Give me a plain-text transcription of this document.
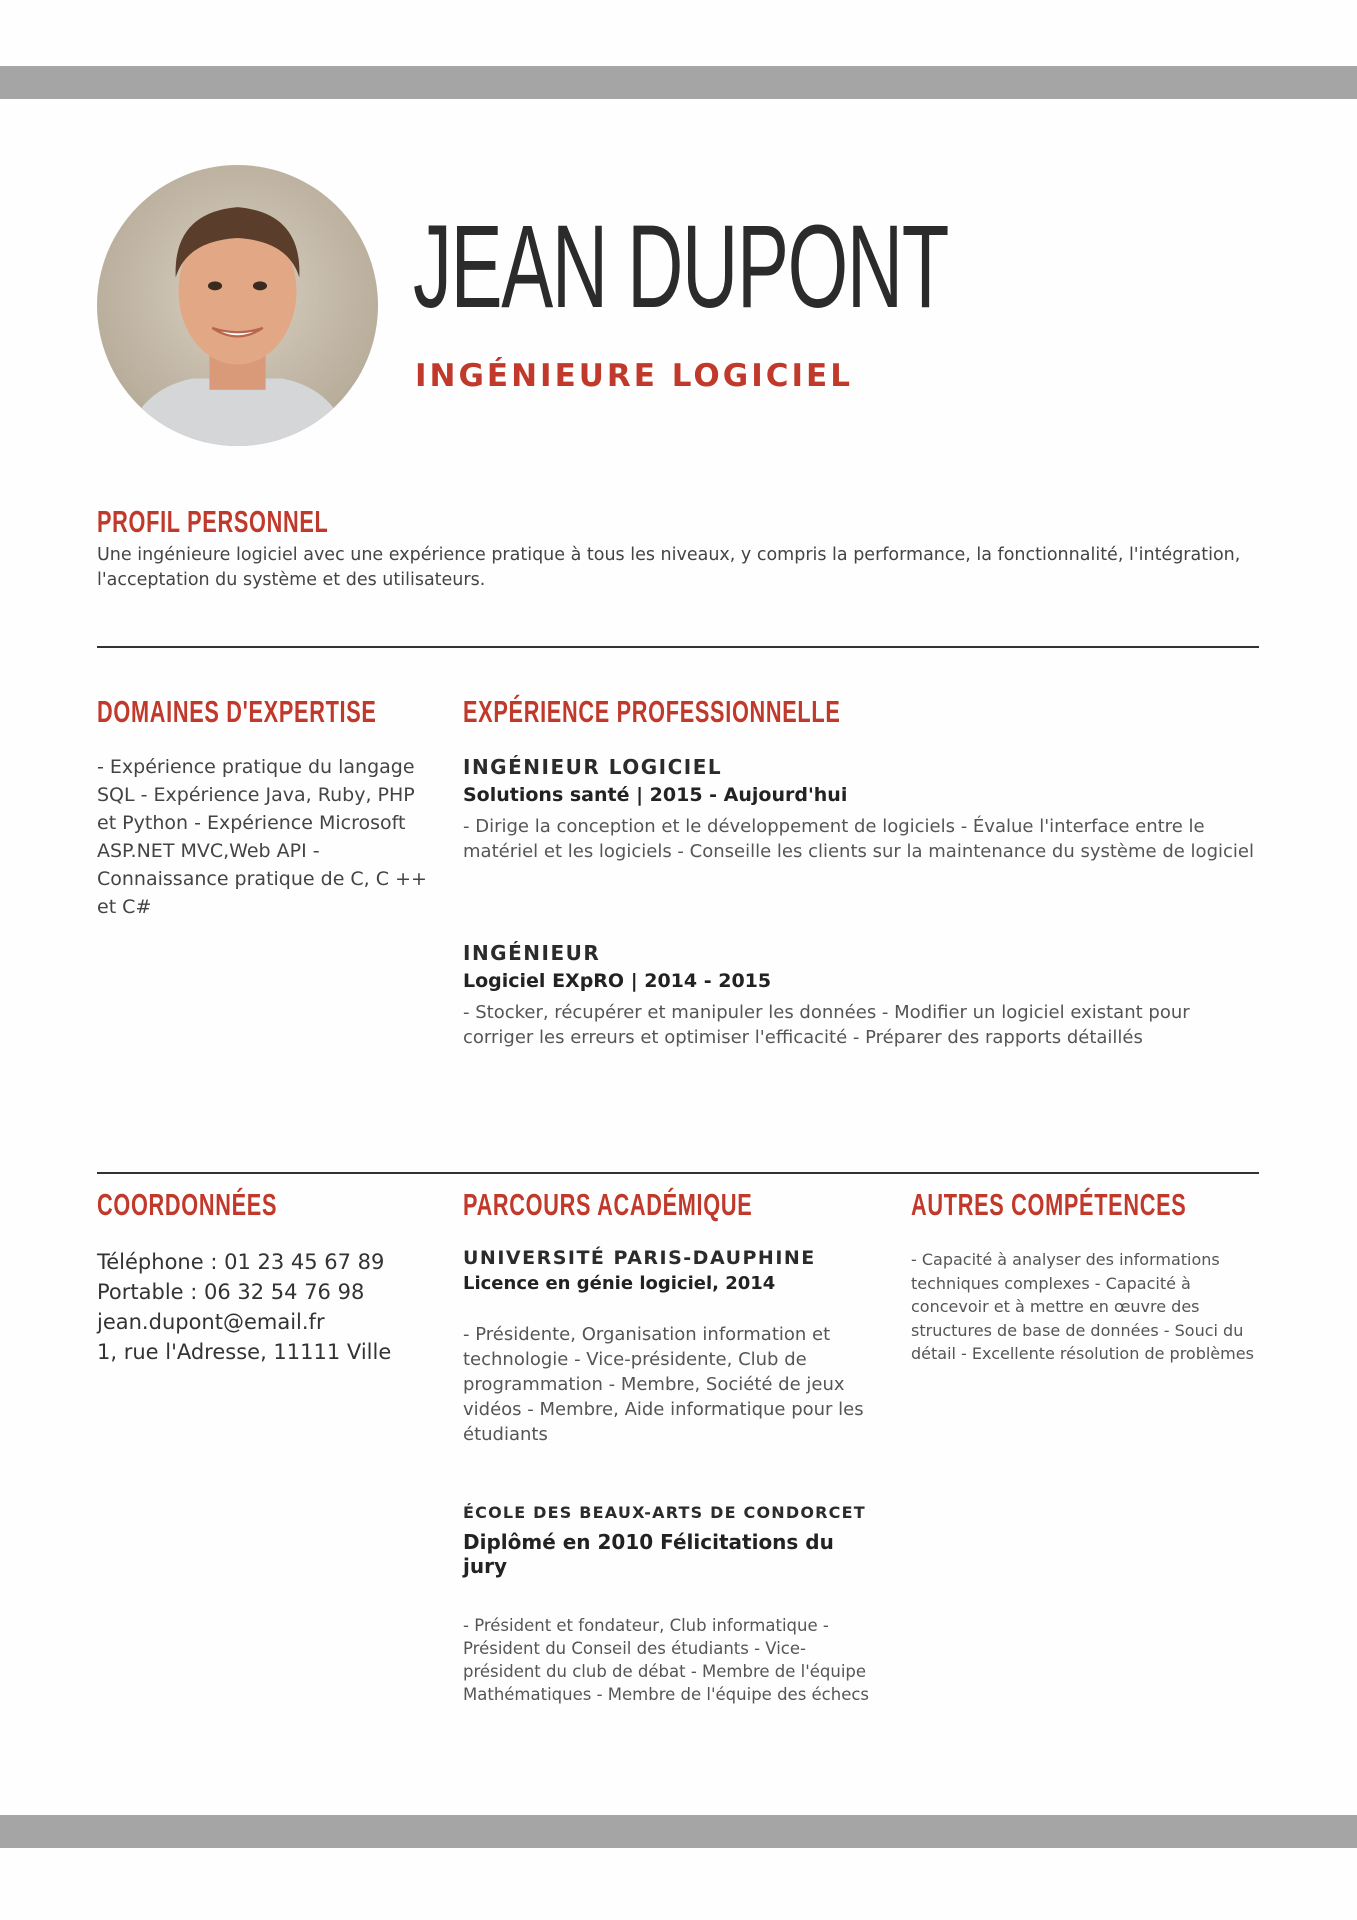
JEAN DUPONT
INGÉNIEURE LOGICIEL
PROFIL PERSONNEL

Une ingénieure logiciel avec une expérience pratique à tous les niveaux, y compris la performance, la fonctionnalité, l'intégration, l'acceptation du système et des utilisateurs.

DOMAINES D'EXPERTISE

- Expérience pratique du langage SQL - Expérience Java, Ruby, PHP et Python - Expérience Microsoft ASP.NET MVC,Web API - Connaissance pratique de C, C ++ et C#

EXPÉRIENCE PROFESSIONNELLE
INGÉNIEUR LOGICIEL
Solutions santé | 2015 - Aujourd'hui
- Dirige la conception et le développement de logiciels - Évalue l'interface entre le matériel et les logiciels - Conseille les clients sur la maintenance du système de logiciel
INGÉNIEUR
Logiciel EXpRO | 2014 - 2015
- Stocker, récupérer et manipuler les données - Modifier un logiciel existant pour corriger les erreurs et optimiser l'efficacité - Préparer des rapports détaillés
COORDONNÉES
Téléphone : 01 23 45 67 89
Portable : 06 32 54 76 98
jean.dupont@email.fr
1, rue l'Adresse, 11111 Ville
PARCOURS ACADÉMIQUE
UNIVERSITÉ PARIS-DAUPHINE
Licence en génie logiciel, 2014
- Présidente, Organisation information et technologie - Vice-présidente, Club de programmation - Membre, Société de jeux vidéos - Membre, Aide informatique pour les étudiants
ÉCOLE DES BEAUX-ARTS DE CONDORCET
Diplômé en 2010 Félicitations du jury
- Président et fondateur, Club informatique - Président du Conseil des étudiants - Vice-président du club de débat - Membre de l'équipe Mathématiques - Membre de l'équipe des échecs
AUTRES COMPÉTENCES

- Capacité à analyser des informations techniques complexes - Capacité à concevoir et à mettre en œuvre des structures de base de données - Souci du détail - Excellente résolution de problèmes
